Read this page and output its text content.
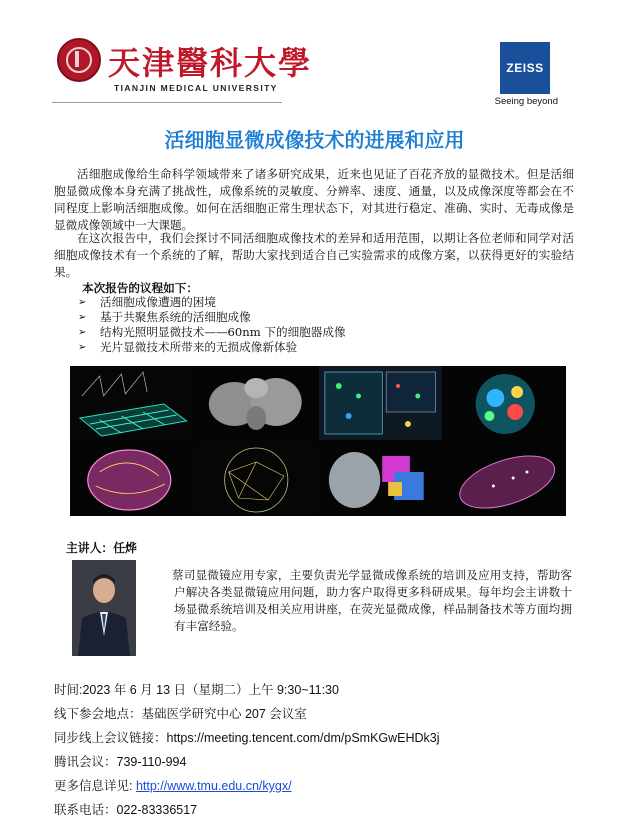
天津醫科大學
TIANJIN MEDICAL UNIVERSITY
ZEISS
Seeing beyond
活细胞显微成像技术的进展和应用

活细胞成像给生命科学领域带来了诸多研究成果，近来也见证了百花齐放的显微技术。但是活细胞显微成像本身充满了挑战性，成像系统的灵敏度、分辨率、速度、通量，以及成像深度等都会在不同程度上影响活细胞成像。如何在活细胞正常生理状态下，对其进行稳定、准确、实时、无毒成像是显微成像领域中一大课题。

在这次报告中，我们会探讨不同活细胞成像技术的差异和适用范围，以期让各位老师和同学对活细胞成像技术有一个系统的了解，帮助大家找到适合自己实验需求的成像方案，以获得更好的实验结果。

本次报告的议程如下：
➢	活细胞成像遭遇的困境
➢	基于共聚焦系统的活细胞成像
➢	结构光照明显微技术——60nm 下的细胞器成像
➢	光片显微技术所带来的无损成像新体验
主讲人：任烨
蔡司显微镜应用专家，主要负责光学显微成像系统的培训及应用支持，帮助客户解决各类显微镜应用问题，助力客户取得更多科研成果。每年均会主讲数十场显微系统培训及相关应用讲座，在荧光显微成像，样品制备技术等方面均拥有丰富经验。
时间:2023 年 6 月 13 日（星期二）上午 9:30~11:30
线下参会地点：基础医学研究中心 207 会议室
同步线上会议链接：https://meeting.tencent.com/dm/pSmKGwEHDk3j
腾讯会议：739-110-994
更多信息详见: http://www.tmu.edu.cn/kygx/
联系电话：022-83336517
